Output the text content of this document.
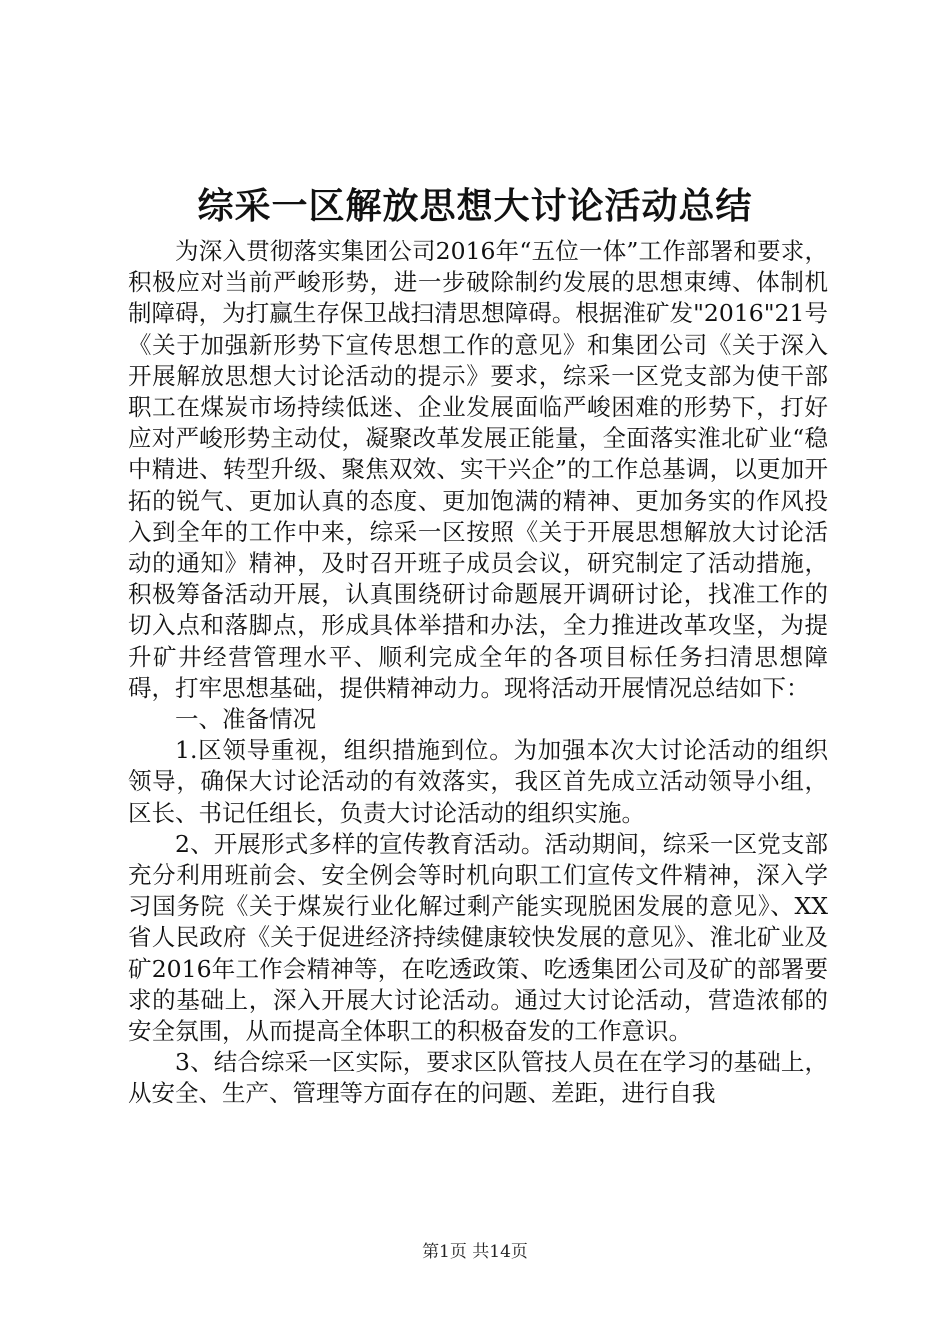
综采一区解放思想大讨论活动总结

为深入贯彻落实集团公司2016年“五位一体”工作部署和要求，积极应对当前严峻形势，进一步破除制约发展的思想束缚、体制机制障碍，为打赢生存保卫战扫清思想障碍。根据淮矿发"2016"21号《关于加强新形势下宣传思想工作的意见》和集团公司《关于深入开展解放思想大讨论活动的提示》要求，综采一区党支部为使干部职工在煤炭市场持续低迷、企业发展面临严峻困难的形势下，打好应对严峻形势主动仗，凝聚改革发展正能量，全面落实淮北矿业“稳中精进、转型升级、聚焦双效、实干兴企”的工作总基调，以更加开拓的锐气、更加认真的态度、更加饱满的精神、更加务实的作风投入到全年的工作中来，综采一区按照《关于开展思想解放大讨论活动的通知》精神，及时召开班子成员会议，研究制定了活动措施，积极筹备活动开展，认真围绕研讨命题展开调研讨论，找准工作的切入点和落脚点，形成具体举措和办法，全力推进改革攻坚，为提升矿井经营管理水平、顺利完成全年的各项目标任务扫清思想障碍，打牢思想基础，提供精神动力。现将活动开展情况总结如下：

一、准备情况

1.区领导重视，组织措施到位。为加强本次大讨论活动的组织领导，确保大讨论活动的有效落实，我区首先成立活动领导小组，区长、书记任组长，负责大讨论活动的组织实施。

2、开展形式多样的宣传教育活动。活动期间，综采一区党支部充分利用班前会、安全例会等时机向职工们宣传文件精神，深入学习国务院《关于煤炭行业化解过剩产能实现脱困发展的意见》、XX省人民政府《关于促进经济持续健康较快发展的意见》、淮北矿业及矿2016年工作会精神等，在吃透政策、吃透集团公司及矿的部署要求的基础上，深入开展大讨论活动。通过大讨论活动，营造浓郁的安全氛围，从而提高全体职工的积极奋发的工作意识。

3、结合综采一区实际，要求区队管技人员在在学习的基础上，从安全、生产、管理等方面存在的问题、差距，进行自我

第1页 共14页
